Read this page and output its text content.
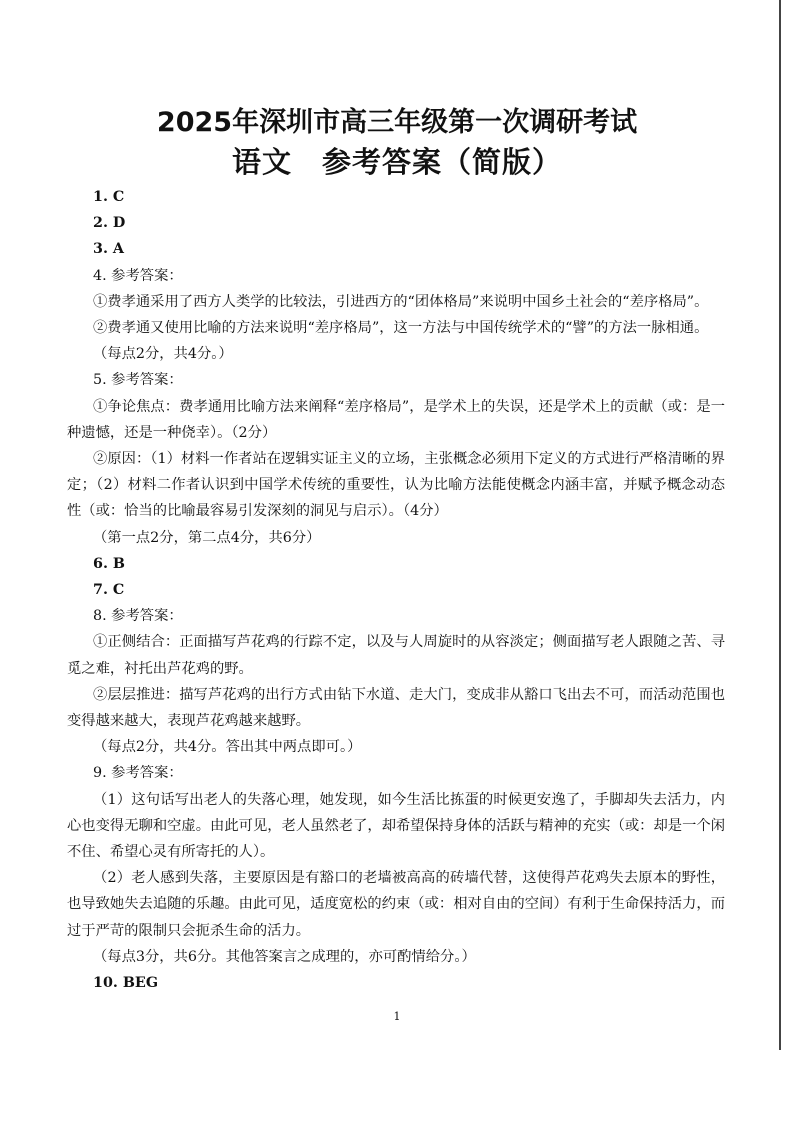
2025年深圳市高三年级第一次调研考试
语文　参考答案（简版）

1. C

2. D

3. A

4. 参考答案：

①费孝通采用了西方人类学的比较法，引进西方的“团体格局”来说明中国乡土社会的“差序格局”。

②费孝通又使用比喻的方法来说明“差序格局”，这一方法与中国传统学术的“譬”的方法一脉相通。

（每点2分，共4分。）

5. 参考答案：

①争论焦点：费孝通用比喻方法来阐释“差序格局”，是学术上的失误，还是学术上的贡献（或：是一种遗憾，还是一种侥幸）。（2分）

②原因：（1）材料一作者站在逻辑实证主义的立场，主张概念必须用下定义的方式进行严格清晰的界定；（2）材料二作者认识到中国学术传统的重要性，认为比喻方法能使概念内涵丰富，并赋予概念动态性（或：恰当的比喻最容易引发深刻的洞见与启示）。（4分）

（第一点2分，第二点4分，共6分）

6. B

7. C

8. 参考答案：

①正侧结合：正面描写芦花鸡的行踪不定，以及与人周旋时的从容淡定；侧面描写老人跟随之苦、寻觅之难，衬托出芦花鸡的野。

②层层推进：描写芦花鸡的出行方式由钻下水道、走大门，变成非从豁口飞出去不可，而活动范围也变得越来越大，表现芦花鸡越来越野。

（每点2分，共4分。答出其中两点即可。）

9. 参考答案：

（1）这句话写出老人的失落心理，她发现，如今生活比拣蛋的时候更安逸了，手脚却失去活力，内心也变得无聊和空虚。由此可见，老人虽然老了，却希望保持身体的活跃与精神的充实（或：却是一个闲不住、希望心灵有所寄托的人）。

（2）老人感到失落，主要原因是有豁口的老墙被高高的砖墙代替，这使得芦花鸡失去原本的野性，也导致她失去追随的乐趣。由此可见，适度宽松的约束（或：相对自由的空间）有利于生命保持活力，而过于严苛的限制只会扼杀生命的活力。

（每点3分，共6分。其他答案言之成理的，亦可酌情给分。）

10. BEG

1
